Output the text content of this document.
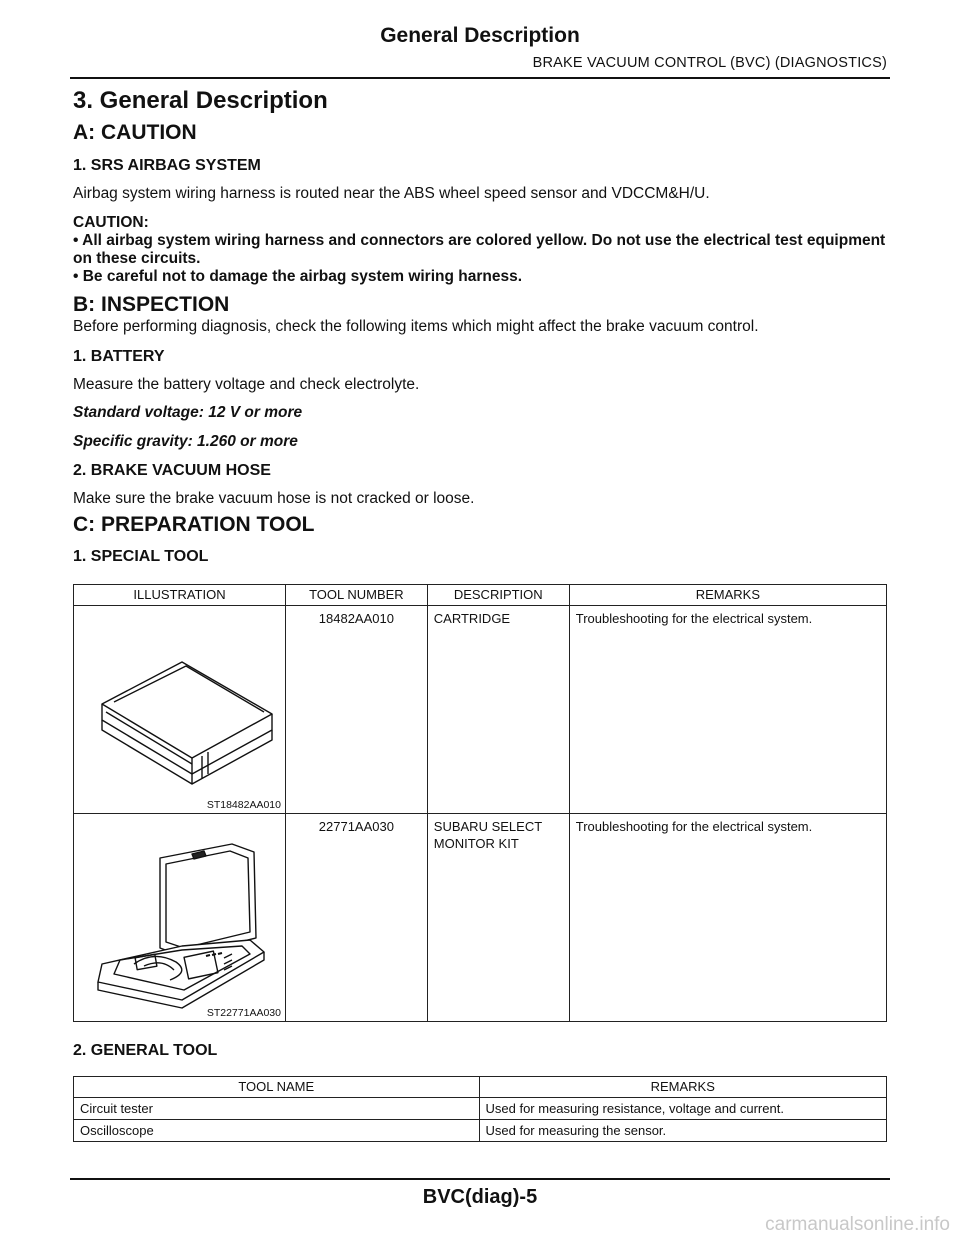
General Description
BRAKE VACUUM CONTROL (BVC) (DIAGNOSTICS)
3. General Description
A: CAUTION
1. SRS AIRBAG SYSTEM
Airbag system wiring harness is routed near the ABS wheel speed sensor and VDCCM&H/U.
CAUTION:
• All airbag system wiring harness and connectors are colored yellow. Do not use the electrical test equipment on these circuits.
• Be careful not to damage the airbag system wiring harness.
B: INSPECTION
Before performing diagnosis, check the following items which might affect the brake vacuum control.
1. BATTERY
Measure the battery voltage and check electrolyte.
Standard voltage: 12 V or more
Specific gravity: 1.260 or more
2. BRAKE VACUUM HOSE
Make sure the brake vacuum hose is not cracked or loose.
C: PREPARATION TOOL
1. SPECIAL TOOL
ILLUSTRATION	TOOL NUMBER	DESCRIPTION	REMARKS

ST18482AA010	18482AA010	CARTRIDGE	Troubleshooting for the electrical system.

ST22771AA030	22771AA030	SUBARU SELECT MONITOR KIT	Troubleshooting for the electrical system.
2. GENERAL TOOL
TOOL NAME	REMARKS

Circuit tester	Used for measuring resistance, voltage and current.

Oscilloscope	Used for measuring the sensor.
BVC(diag)-5
carmanualsonline.info
